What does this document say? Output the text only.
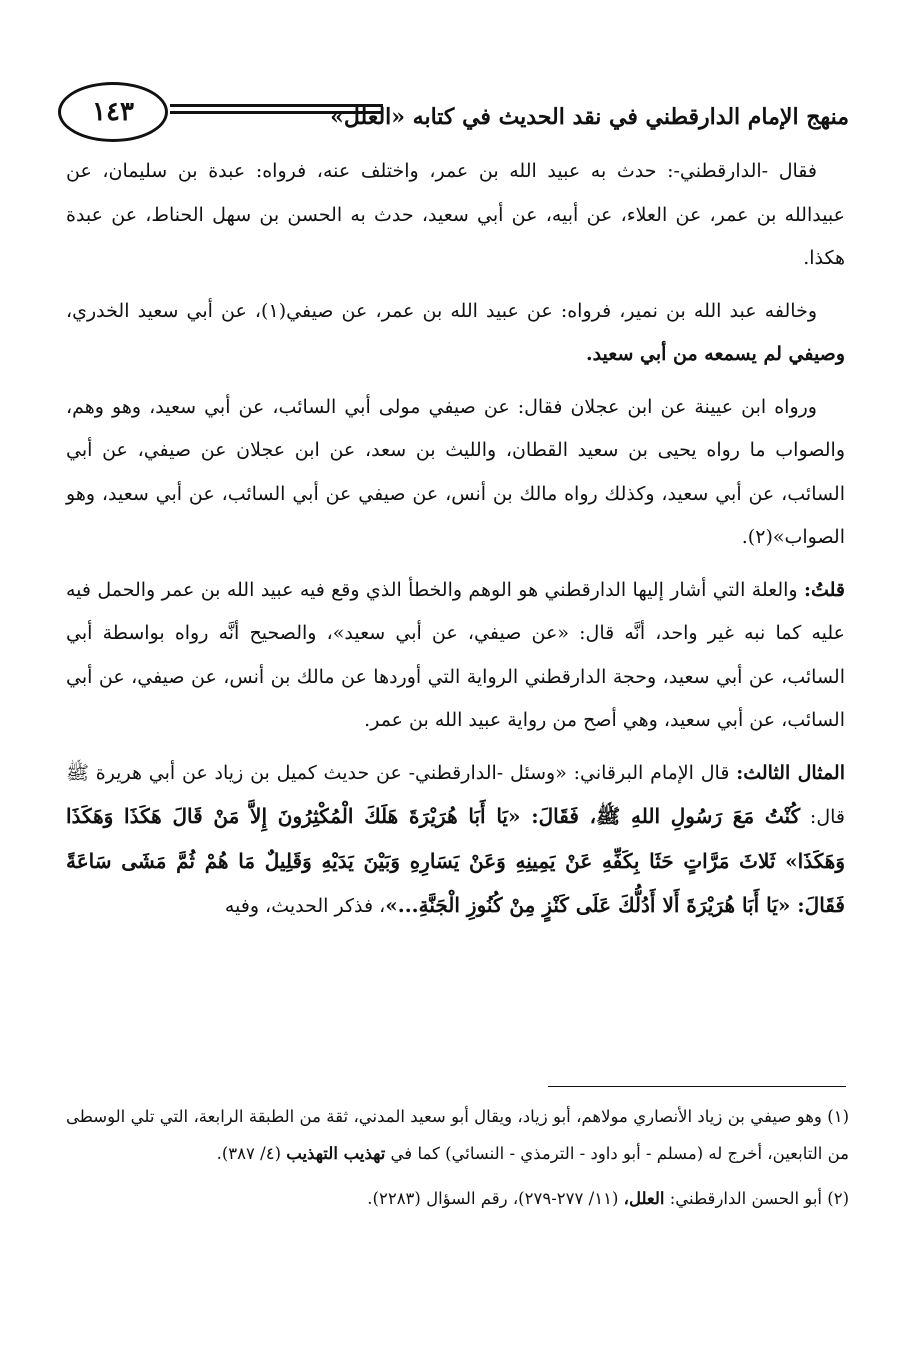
منهج الإمام الدارقطني في نقد الحديث في كتابه «العلل»
١٤٣

فقال -الدارقطني-: حدث به عبيد الله بن عمر، واختلف عنه، فرواه: عبدة بن سليمان، عن عبيدالله بن عمر، عن العلاء، عن أبيه، عن أبي سعيد، حدث به الحسن بن سهل الحناط، عن عبدة هكذا.

وخالفه عبد الله بن نمير، فرواه: عن عبيد الله بن عمر، عن صيفي(١)، عن أبي سعيد الخدري، وصيفي لم يسمعه من أبي سعيد.

ورواه ابن عيينة عن ابن عجلان فقال: عن صيفي مولى أبي السائب، عن أبي سعيد، وهو وهم، والصواب ما رواه يحيى بن سعيد القطان، والليث بن سعد، عن ابن عجلان عن صيفي، عن أبي السائب، عن أبي سعيد، وكذلك رواه مالك بن أنس، عن صيفي عن أبي السائب، عن أبي سعيد، وهو الصواب»(٢).

قلتُ: والعلة التي أشار إليها الدارقطني هو الوهم والخطأ الذي وقع فيه عبيد الله بن عمر والحمل فيه عليه كما نبه غير واحد، أنَّه قال: «عن صيفي، عن أبي سعيد»، والصحيح أنَّه رواه بواسطة أبي السائب، عن أبي سعيد، وحجة الدارقطني الرواية التي أوردها عن مالك بن أنس، عن صيفي، عن أبي السائب، عن أبي سعيد، وهي أصح من رواية عبيد الله بن عمر.

المثال الثالث: قال الإمام البرقاني: «وسئل -الدارقطني- عن حديث كميل بن زياد عن أبي هريرة ﷺ قال: كُنْتُ مَعَ رَسُولِ اللهِ ﷺ، فَقَالَ: «يَا أَبَا هُرَيْرَةَ هَلَكَ الْمُكْثِرُونَ إِلاَّ مَنْ قَالَ هَكَذَا وَهَكَذَا وَهَكَذَا» ثَلاثَ مَرَّاتٍ حَثَا بِكَفِّهِ عَنْ يَمِينِهِ وَعَنْ يَسَارِهِ وَبَيْنَ يَدَيْهِ وَقَلِيلٌ مَا هُمْ ثُمَّ مَشَى سَاعَةً فَقَالَ: «يَا أَبَا هُرَيْرَةَ أَلا أَدُلُّكَ عَلَى كَنْزٍ مِنْ كُنُوزِ الْجَنَّةِ...»، فذكر الحديث، وفيه

(١) وهو صيفي بن زياد الأنصاري مولاهم، أبو زياد، ويقال أبو سعيد المدني، ثقة من الطبقة الرابعة، التي تلي الوسطى من التابعين، أخرج له (مسلم - أبو داود - الترمذي - النسائي) كما في تهذيب التهذيب (٤/ ٣٨٧).

(٢) أبو الحسن الدارقطني: العلل، (١١/ ٢٧٧-٢٧٩)، رقم السؤال (٢٢٨٣).
